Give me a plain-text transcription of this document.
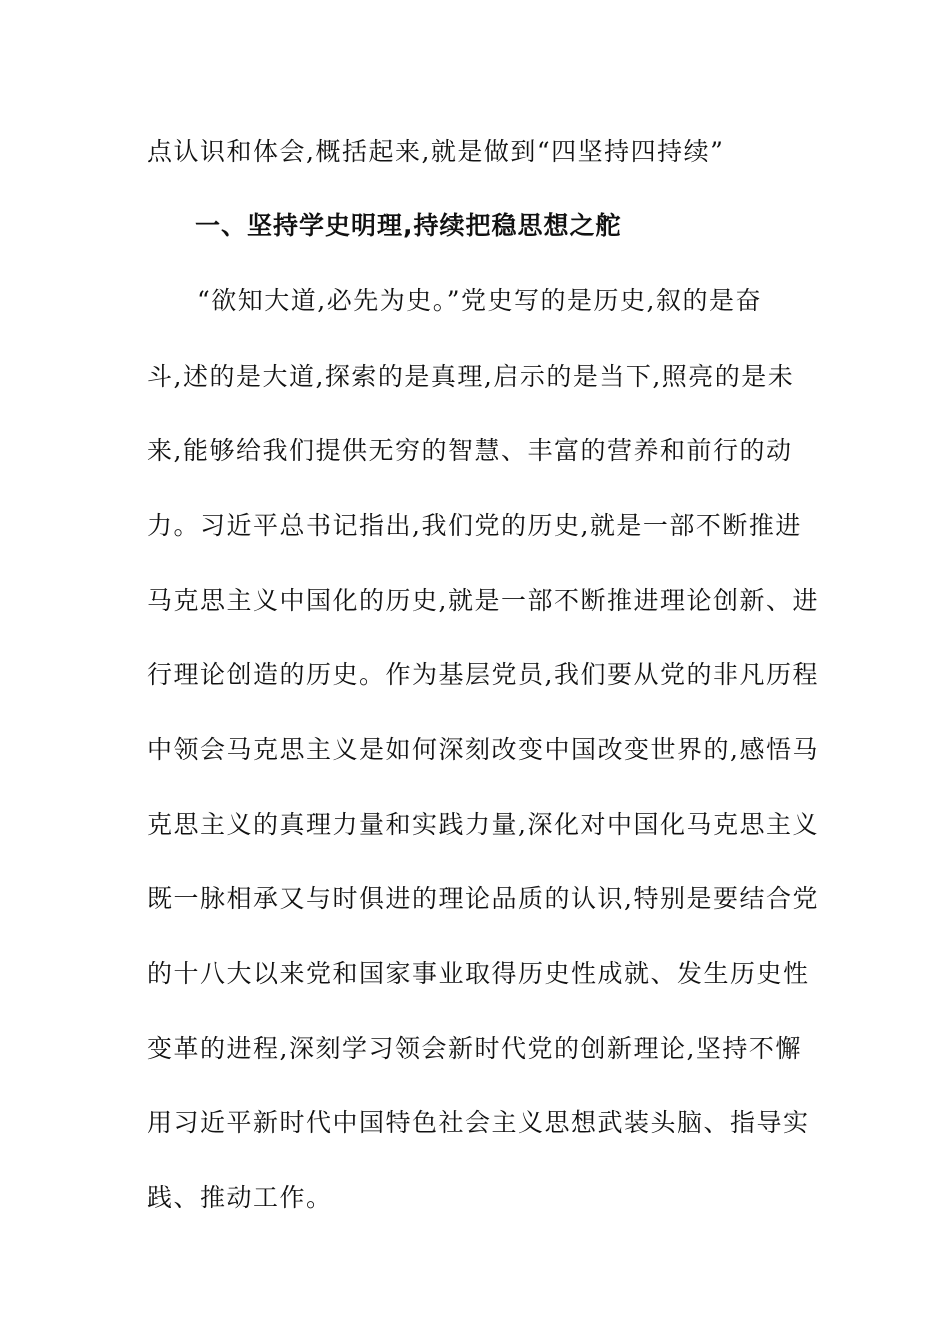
点认识和体会,概括起来,就是做到“四坚持四持续”
一、坚持学史明理,持续把稳思想之舵
“欲知大道,必先为史。”党史写的是历史,叙的是奋
斗,述的是大道,探索的是真理,启示的是当下,照亮的是未
来,能够给我们提供无穷的智慧、丰富的营养和前行的动
力。习近平总书记指出,我们党的历史,就是一部不断推进
马克思主义中国化的历史,就是一部不断推进理论创新、进
行理论创造的历史。作为基层党员,我们要从党的非凡历程
中领会马克思主义是如何深刻改变中国改变世界的,感悟马
克思主义的真理力量和实践力量,深化对中国化马克思主义
既一脉相承又与时俱进的理论品质的认识,特别是要结合党
的十八大以来党和国家事业取得历史性成就、发生历史性
变革的进程,深刻学习领会新时代党的创新理论,坚持不懈
用习近平新时代中国特色社会主义思想武装头脑、指导实
践、推动工作。
